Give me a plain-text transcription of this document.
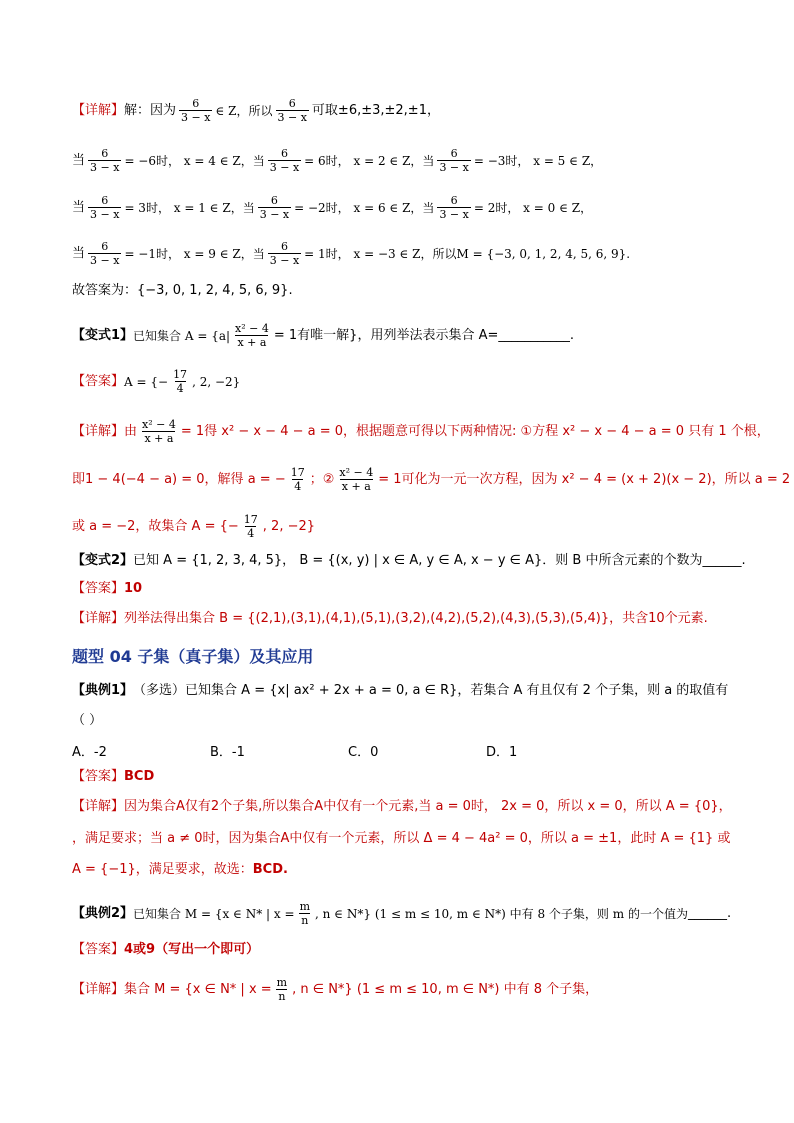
【详解】 解：因为 $\frac{6}{3 - x}$ ∈ Z，所以 $\frac{6}{3 - x}$ 可取±6,±3,±2,±1，
当 $\frac{6}{3 - x} = -6$时， x = 4 ∈ Z，当 $\frac{6}{3 - x} = 6$时， x = 2 ∈ Z，当 $\frac{6}{3 - x} = -3$时， x = 5 ∈ Z，
当 $\frac{6}{3 - x} = 3$时， x = 1 ∈ Z，当 $\frac{6}{3 - x} = -2$时， x = 6 ∈ Z，当 $\frac{6}{3 - x} = 2$时， x = 0 ∈ Z，
当 $\frac{6}{3 - x} = -1$时， x = 9 ∈ Z，当 $\frac{6}{3 - x} = 1$时， x = −3 ∈ Z，所以M = {−3, 0, 1, 2, 4, 5, 6, 9}.
故答案为：{−3, 0, 1, 2, 4, 5, 6, 9}.
【变式1】 已知集合 $A = \{a| \frac{\text{x² − 4}}{x + a} = 1$有唯一解}，用列举法表示集合 A= ___________ .
【答案】 A = {− $\frac{17}{4}$ , 2, −2}
【详解】 由 $\frac{\text{x² − 4}}{x + a} = 1$得 x² − x − 4 − a = 0，根据题意可得以下两种情况: ①方程 x² − x − 4 − a = 0 只有 1 个根，
即1 − 4(−4 − a) = 0，解得 a = − $\frac{17}{4}$ ；② $\frac{\text{x² − 4}}{x + a} = 1$可化为一元一次方程，因为 x² − 4 = (x + 2)(x − 2)，所以 a = 2
或 a = −2，故集合 A = {− $\frac{17}{4}$ , 2, −2}
【变式2】 已知 A = {1, 2, 3, 4, 5}， B = {(x, y) | x ∈ A, y ∈ A, x − y ∈ A}．则 B 中所含元素的个数为 ______ .
【答案】 10
【详解】 列举法得出集合 B = {(2,1),(3,1),(4,1),(5,1),(3,2),(4,2),(5,2),(4,3),(5,3),(5,4)}，共含10个元素.
题型 04 子集（真子集）及其应用
【典例1】 （多选）已知集合 A = {x| ax² + 2x + a = 0, a ∈ R}，若集合 A 有且仅有 2 个子集，则 a 的取值有
（ ）
A．-2	B．-1	C．0	D．1
【答案】 BCD
【详解】 因为集合A仅有2个子集,所以集合A中仅有一个元素,当 a = 0时， 2x = 0，所以 x = 0，所以 A = {0}，
，满足要求；当 a ≠ 0时，因为集合A中仅有一个元素，所以 Δ = 4 − 4a² = 0，所以 a = ±1，此时 A = {1} 或
A = {−1}，满足要求，故选： BCD.
【典例2】 已知集合 M = {x ∈ N* | $x = \frac{m}{n}$ , n ∈ N*} (1 ≤ m ≤ 10, m ∈ N*) 中有 8 个子集，则 m 的一个值为 ______ .
【答案】 4或9（写出一个即可）
【详解】 集合 M = {x ∈ N* | $x = \frac{m}{n}$ , n ∈ N*} (1 ≤ m ≤ 10, m ∈ N*) 中有 8 个子集，
